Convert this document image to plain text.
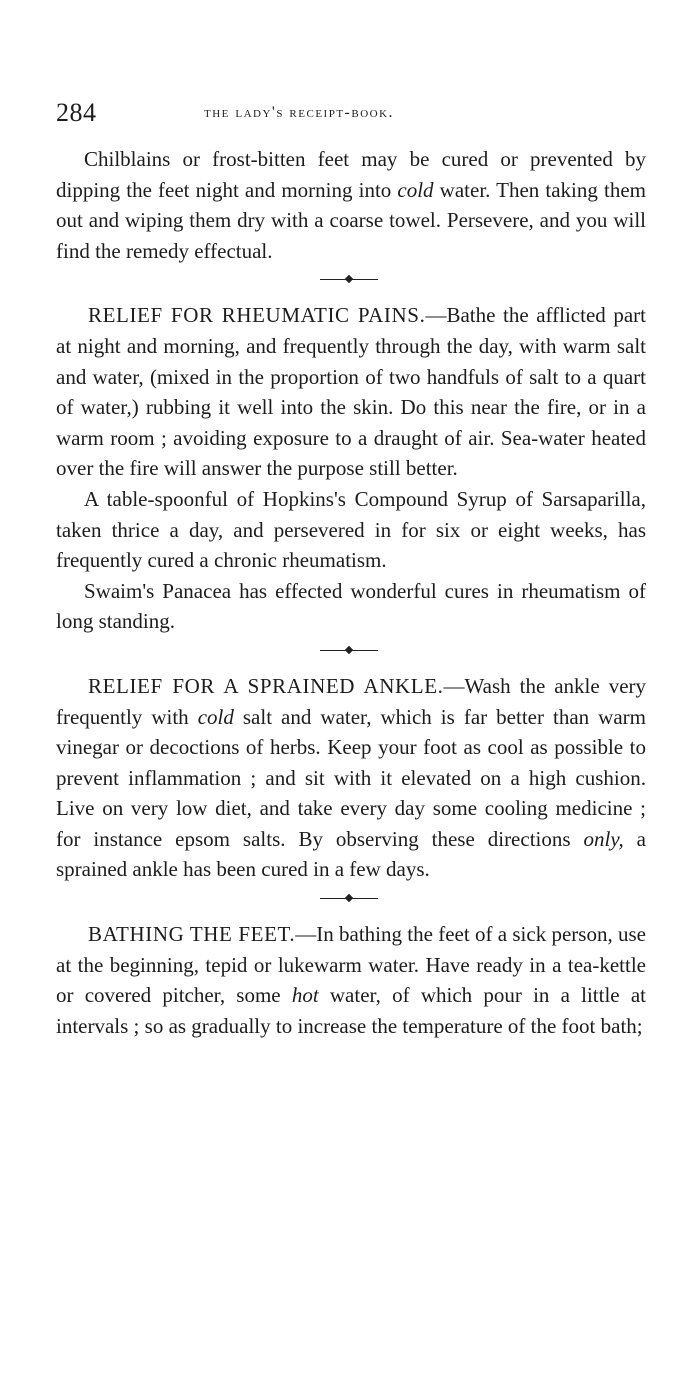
284	the lady's receipt-book.

Chilblains or frost-bitten feet may be cured or prevented by dipping the feet night and morning into cold water. Then taking them out and wiping them dry with a coarse towel. Persevere, and you will find the remedy effectual.

RELIEF FOR RHEUMATIC PAINS.—Bathe the afflicted part at night and morning, and frequently through the day, with warm salt and water, (mixed in the proportion of two handfuls of salt to a quart of water,) rubbing it well into the skin. Do this near the fire, or in a warm room ; avoiding exposure to a draught of air. Sea-water heated over the fire will answer the purpose still better.

A table-spoonful of Hopkins's Compound Syrup of Sarsaparilla, taken thrice a day, and persevered in for six or eight weeks, has frequently cured a chronic rheumatism.

Swaim's Panacea has effected wonderful cures in rheumatism of long standing.

RELIEF FOR A SPRAINED ANKLE.—Wash the ankle very frequently with cold salt and water, which is far better than warm vinegar or decoctions of herbs. Keep your foot as cool as possible to prevent inflammation ; and sit with it elevated on a high cushion. Live on very low diet, and take every day some cooling medicine ; for instance epsom salts. By observing these directions only, a sprained ankle has been cured in a few days.

BATHING THE FEET.—In bathing the feet of a sick person, use at the beginning, tepid or lukewarm water. Have ready in a tea-kettle or covered pitcher, some hot water, of which pour in a little at intervals ; so as gradually to increase the temperature of the foot bath;
